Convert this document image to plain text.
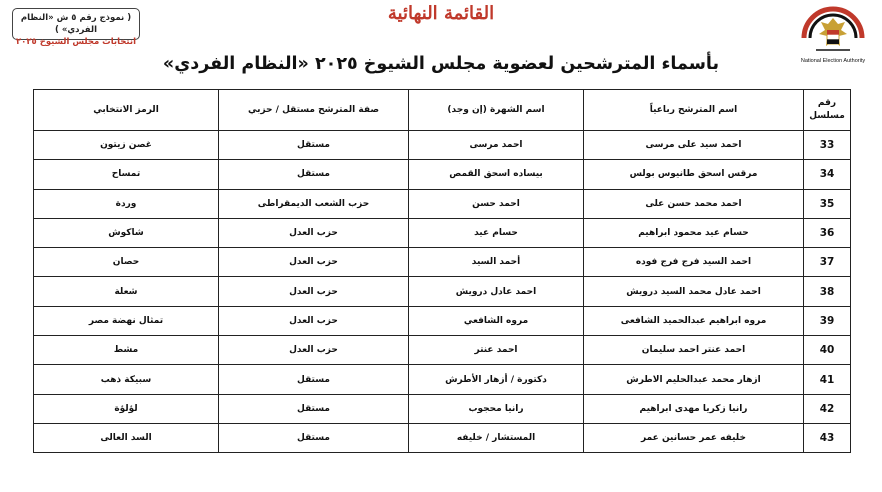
( نموذج رقم ٥ ش «النظام الفردي» )
انتخابات مجلس الشيوخ ٢٠٢٥
القائمة النهائية
بأسماء المترشحين لعضوية مجلس الشيوخ ٢٠٢٥ «النظام الفردي»	National Election Authority
رقم مسلسل	اسم المترشح رباعياً	اسم الشهرة (إن وجد)	صفة المترشح مستقل / حزبي	الرمز الانتخابي
33	احمد سيد على مرسى	احمد مرسى	مستقل	غصن زيتون
34	مرقس اسحق طانيوس بولس	بيساده اسحق القمص	مستقل	تمساح
35	احمد محمد حسن على	احمد حسن	حزب الشعب الديمقراطى	وردة
36	حسام عيد محمود ابراهيم	حسام عيد	حزب العدل	شاكوش
37	احمد السيد فرج فرج فوده	أحمد السيد	حزب العدل	حصان
38	احمد عادل محمد السيد درويش	احمد عادل درويش	حزب العدل	شعلة
39	مروه ابراهيم عبدالحميد الشافعى	مروه الشافعي	حزب العدل	تمثال نهضة مصر
40	احمد عنتر احمد سليمان	احمد عنتر	حزب العدل	مشط
41	ازهار محمد عبدالحليم الاطرش	دكتورة / أزهار الأطرش	مستقل	سبيكة ذهب
42	رانيا زكريا مهدى ابراهيم	رانيا محجوب	مستقل	لؤلؤة
43	خليفه عمر حسانين عمر	المستشار / خليفه	مستقل	السد العالى
